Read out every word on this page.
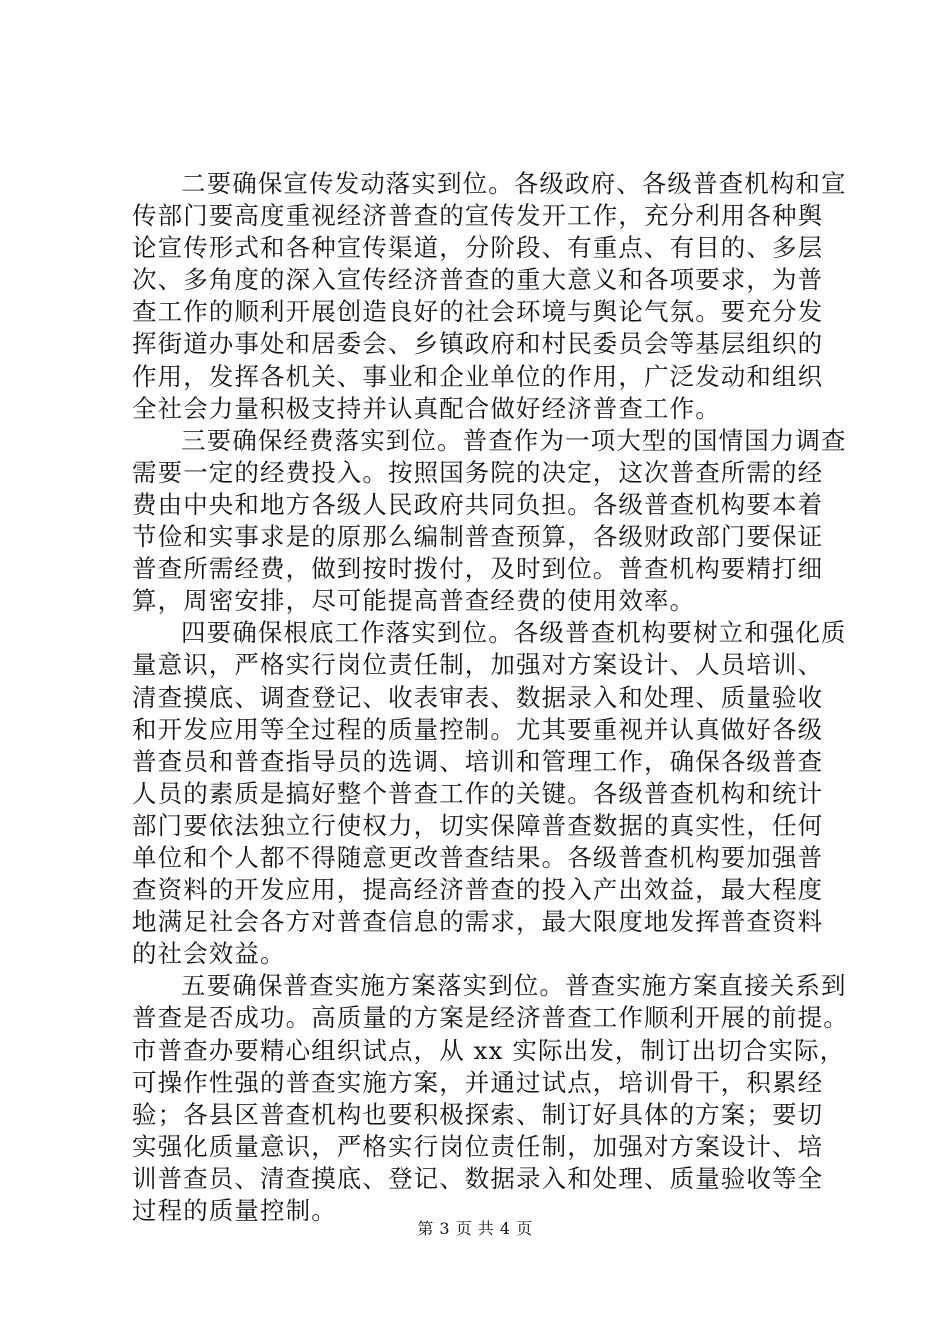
二要确保宣传发动落实到位。各级政府、各级普查机构和宣
传部门要高度重视经济普查的宣传发开工作，充分利用各种舆
论宣传形式和各种宣传渠道，分阶段、有重点、有目的、多层
次、多角度的深入宣传经济普查的重大意义和各项要求，为普
查工作的顺利开展创造良好的社会环境与舆论气氛。要充分发
挥街道办事处和居委会、乡镇政府和村民委员会等基层组织的
作用，发挥各机关、事业和企业单位的作用，广泛发动和组织
全社会力量积极支持并认真配合做好经济普查工作。
三要确保经费落实到位。普查作为一项大型的国情国力调查
需要一定的经费投入。按照国务院的决定，这次普查所需的经
费由中央和地方各级人民政府共同负担。各级普查机构要本着
节俭和实事求是的原那么编制普查预算，各级财政部门要保证
普查所需经费，做到按时拨付，及时到位。普查机构要精打细
算，周密安排，尽可能提高普查经费的使用效率。
四要确保根底工作落实到位。各级普查机构要树立和强化质
量意识，严格实行岗位责任制，加强对方案设计、人员培训、
清查摸底、调查登记、收表审表、数据录入和处理、质量验收
和开发应用等全过程的质量控制。尤其要重视并认真做好各级
普查员和普查指导员的选调、培训和管理工作，确保各级普查
人员的素质是搞好整个普查工作的关键。各级普查机构和统计
部门要依法独立行使权力，切实保障普查数据的真实性，任何
单位和个人都不得随意更改普查结果。各级普查机构要加强普
查资料的开发应用，提高经济普查的投入产出效益，最大程度
地满足社会各方对普查信息的需求，最大限度地发挥普查资料
的社会效益。
五要确保普查实施方案落实到位。普查实施方案直接关系到
普查是否成功。高质量的方案是经济普查工作顺利开展的前提。
市普查办要精心组织试点，从 xx 实际出发，制订出切合实际，
可操作性强的普查实施方案，并通过试点，培训骨干，积累经
验；各县区普查机构也要积极探索、制订好具体的方案；要切
实强化质量意识，严格实行岗位责任制，加强对方案设计、培
训普查员、清查摸底、登记、数据录入和处理、质量验收等全
过程的质量控制。
第 3 页 共 4 页
